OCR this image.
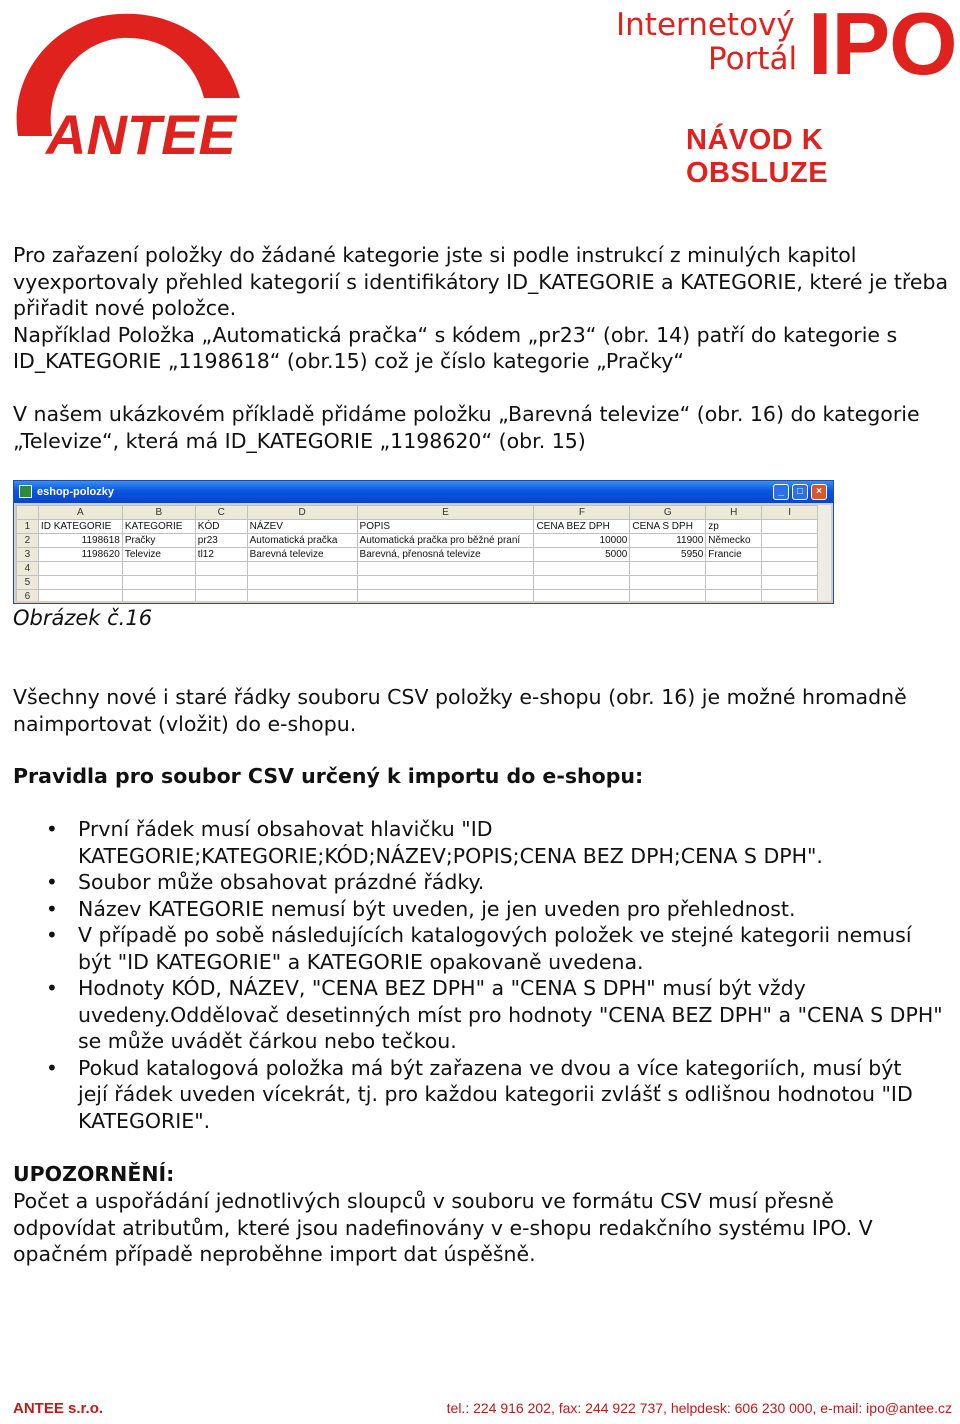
ANTEE
Internetový
Portál IPO
NÁVOD K OBSLUZE

Pro zařazení položky do žádané kategorie jste si podle instrukcí z minulých kapitol

vyexportovaly přehled kategorií s identifikátory ID_KATEGORIE a KATEGORIE, které je třeba

přiřadit nové položce.

Například Položka „Automatická pračka“ s kódem „pr23“ (obr. 14) patří do kategorie s

ID_KATEGORIE „1198618“ (obr.15) což je číslo kategorie „Pračky“

V našem ukázkovém příkladě přidáme položku „Barevná televize“ (obr. 16) do kategorie

„Televize“, která má ID_KATEGORIE „1198620“ (obr. 15)

eshop-polozky	_	□	×
	A	B	C	D	E	F	G	H	I
1	ID KATEGORIE	KATEGORIE	KÓD	NÁZEV	POPIS	CENA BEZ DPH	CENA S DPH	zp	
2	1198618	Pračky	pr23	Automatická pračka	Automatická pračka pro běžné praní	10000	11900	Německo	
3	1198620	Televize	tl12	Barevná televize	Barevná, přenosná televize	5000	5950	Francie	
4									
5									
6									
Obrázek č.16

Všechny nové i staré řádky souboru CSV položky e-shopu (obr. 16) je možné hromadně

naimportovat (vložit) do e-shopu.

Pravidla pro soubor CSV určený k importu do e-shopu:
• První řádek musí obsahovat hlavičku "ID
KATEGORIE;KATEGORIE;KÓD;NÁZEV;POPIS;CENA BEZ DPH;CENA S DPH".
• Soubor může obsahovat prázdné řádky.
• Název KATEGORIE nemusí být uveden, je jen uveden pro přehlednost.
• V případě po sobě následujících katalogových položek ve stejné kategorii nemusí
být "ID KATEGORIE" a KATEGORIE opakovaně uvedena.
• Hodnoty KÓD, NÁZEV, "CENA BEZ DPH" a "CENA S DPH" musí být vždy
uvedeny.Oddělovač desetinných míst pro hodnoty "CENA BEZ DPH" a "CENA S DPH"
se může uvádět čárkou nebo tečkou.
• Pokud katalogová položka má být zařazena ve dvou a více kategoriích, musí být
její řádek uveden vícekrát, tj. pro každou kategorii zvlášť s odlišnou hodnotou "ID
KATEGORIE".
UPOZORNĚNÍ:

Počet a uspořádání jednotlivých sloupců v souboru ve formátu CSV musí přesně

odpovídat atributům, které jsou nadefinovány v e-shopu redakčního systému IPO. V

opačném případě neproběhne import dat úspěšně.

ANTEE s.r.o.	tel.: 224 916 202, fax: 244 922 737, helpdesk: 606 230 000, e-mail: ipo@antee.cz
